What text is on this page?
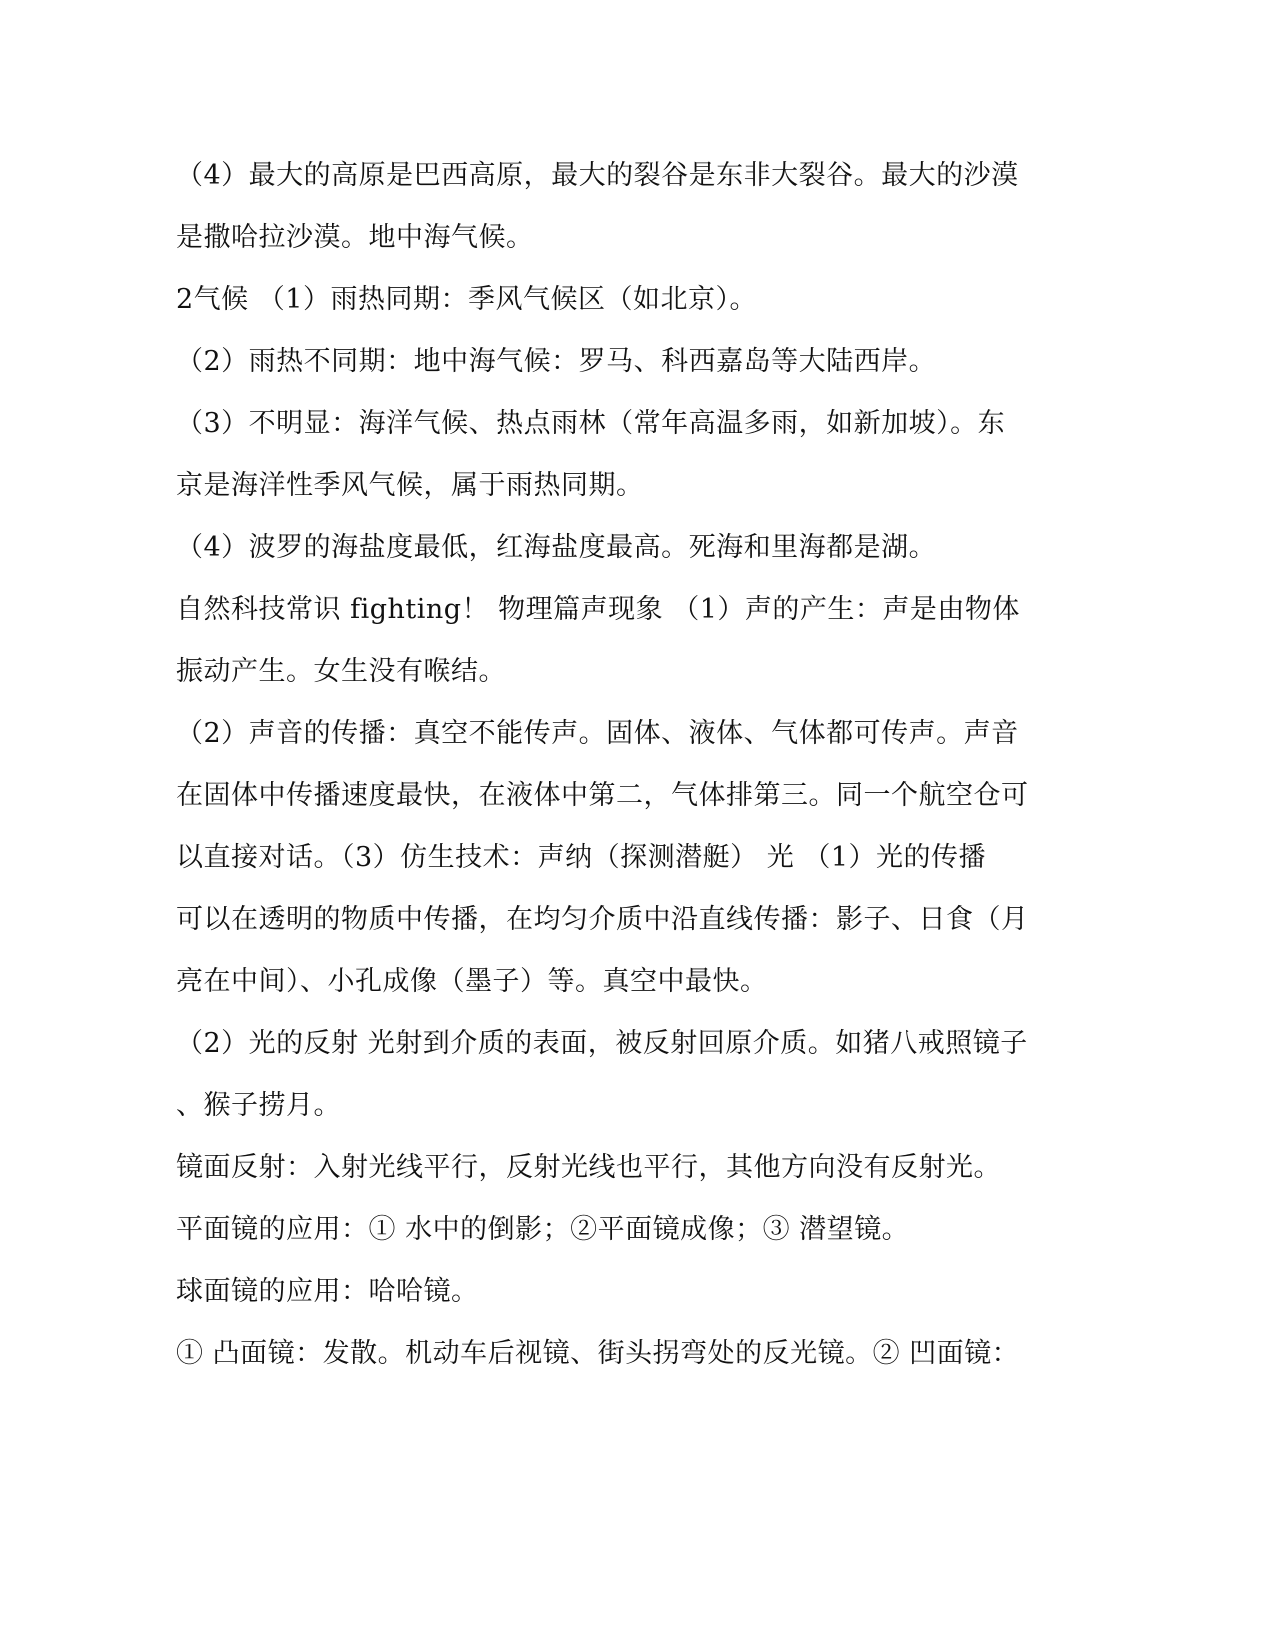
（4）最大的高原是巴西高原，最大的裂谷是东非大裂谷。最大的沙漠
是撒哈拉沙漠。地中海气候。
2气候 （1）雨热同期：季风气候区（如北京）。
（2）雨热不同期：地中海气候：罗马、科西嘉岛等大陆西岸。
（3）不明显：海洋气候、热点雨林（常年高温多雨，如新加坡）。东
京是海洋性季风气候，属于雨热同期。
（4）波罗的海盐度最低，红海盐度最高。死海和里海都是湖。
自然科技常识 fighting！ 物理篇声现象 （1）声的产生：声是由物体
振动产生。女生没有喉结。
（2）声音的传播：真空不能传声。固体、液体、气体都可传声。声音
在固体中传播速度最快，在液体中第二，气体排第三。同一个航空仓可
以直接对话。（3）仿生技术：声纳（探测潜艇） 光 （1）光的传播
可以在透明的物质中传播，在均匀介质中沿直线传播：影子、日食（月
亮在中间）、小孔成像（墨子）等。真空中最快。
（2）光的反射 光射到介质的表面，被反射回原介质。如猪八戒照镜子
、猴子捞月。
镜面反射：入射光线平行，反射光线也平行，其他方向没有反射光。
平面镜的应用：① 水中的倒影；②平面镜成像；③ 潜望镜。
球面镜的应用：哈哈镜。
① 凸面镜：发散。机动车后视镜、街头拐弯处的反光镜。② 凹面镜：
